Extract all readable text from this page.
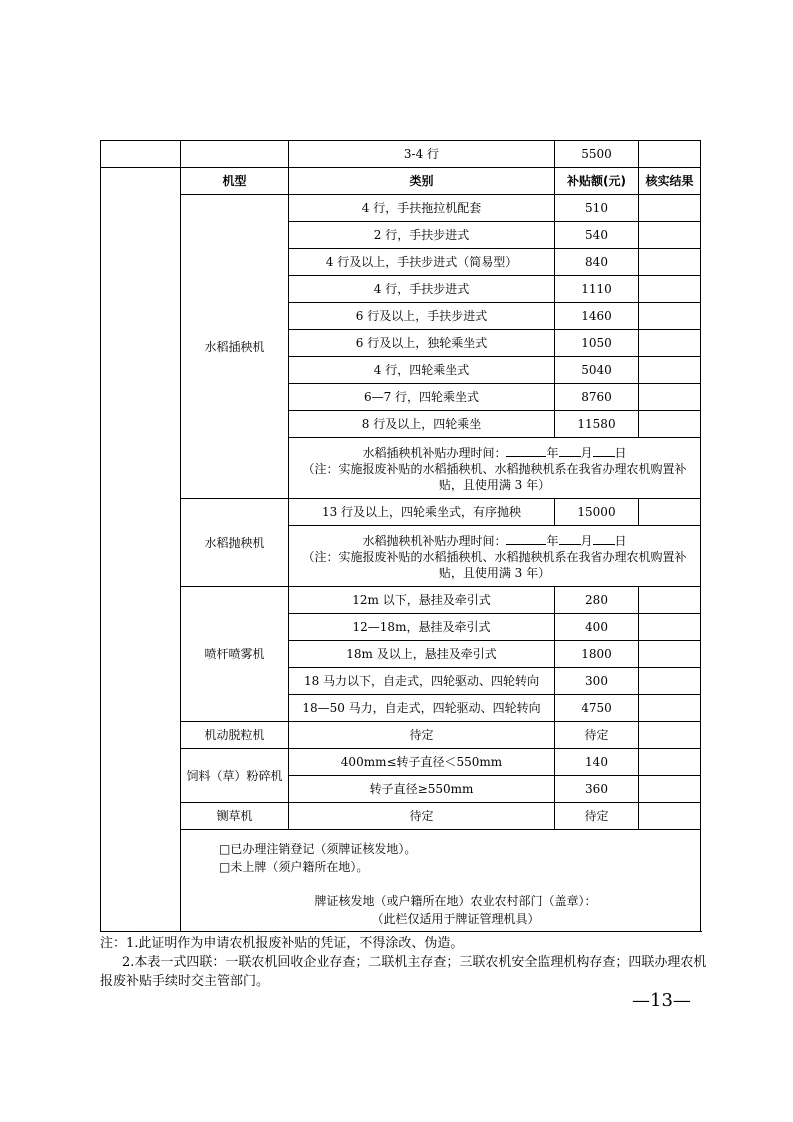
		3-4 行	5500	
	机型	类别	补贴额(元)	核实结果
	水稻插秧机	4 行，手扶拖拉机配套	510	
		2 行，手扶步进式	540	
		4 行及以上，手扶步进式（简易型）	840	
		4 行，手扶步进式	1110	
		6 行及以上，手扶步进式	1460	
		6 行及以上，独轮乘坐式	1050	
		4 行，四轮乘坐式	5040	
		6—7 行，四轮乘坐式	8760	
		8 行及以上，四轮乘坐	11580	

		水稻插秧机补贴办理时间： 年 月 日
（注：实施报废补贴的水稻插秧机、水稻抛秧机系在我省办理农机购置补贴，且使用满 3 年）		

	水稻抛秧机	13 行及以上，四轮乘坐式，有序抛秧	15000	

		水稻抛秧机补贴办理时间： 年 月 日
（注：实施报废补贴的水稻插秧机、水稻抛秧机系在我省办理农机购置补贴，且使用满 3 年）		

	喷杆喷雾机	12m 以下，悬挂及牵引式	280	
		12—18m，悬挂及牵引式	400	
		18m 及以上，悬挂及牵引式	1800	
		18 马力以下，自走式，四轮驱动、四轮转向	300	
		18—50 马力，自走式，四轮驱动、四轮转向	4750	
	机动脱粒机	待定	待定	
	饲料（草）粉碎机	400mm≤转子直径＜550mm	140	
		转子直径≥550mm	360	
	铡草机	待定	待定	

	□已办理注销登记（须牌证核发地）。
□未上牌（须户籍所在地）。
牌证核发地（或户籍所在地）农业农村部门（盖章）：
（此栏仅适用于牌证管理机具）			
注：1.此证明作为申请农机报废补贴的凭证，不得涂改、伪造。
2.本表一式四联：一联农机回收企业存查；二联机主存查；三联农机安全监理机构存查；四联办理农机报废补贴手续时交主管部门。
—13—
